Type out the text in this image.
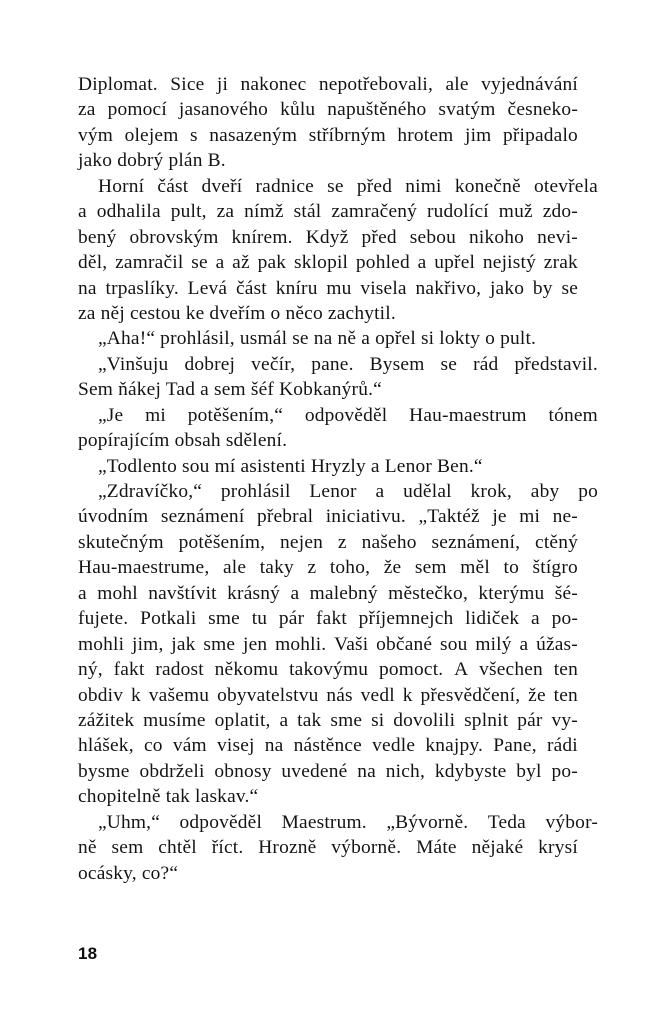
Diplomat. Sice ji nakonec nepotřebovali, ale vyjednávání
za pomocí jasanového kůlu napuštěného svatým česneko-
vým olejem s nasazeným stříbrným hrotem jim připadalo
jako dobrý plán B.
Horní část dveří radnice se před nimi konečně otevřela
a odhalila pult, za nímž stál zamračený rudolící muž zdo-
bený obrovským knírem. Když před sebou nikoho nevi-
děl, zamračil se a až pak sklopil pohled a upřel nejistý zrak
na trpaslíky. Levá část kníru mu visela nakřivo, jako by se
za něj cestou ke dveřím o něco zachytil.
„Aha!“ prohlásil, usmál se na ně a opřel si lokty o pult.
„Vinšuju dobrej večír, pane. Bysem se rád představil.
Sem ňákej Tad a sem šéf Kobkanýrů.“
„Je mi potěšením,“ odpověděl Hau-maestrum tónem
popírajícím obsah sdělení.
„Todlento sou mí asistenti Hryzly a Lenor Ben.“
„Zdravíčko,“ prohlásil Lenor a udělal krok, aby po
úvodním seznámení přebral iniciativu. „Taktéž je mi ne-
skutečným potěšením, nejen z našeho seznámení, ctěný
Hau-maestrume, ale taky z toho, že sem měl to štígro
a mohl navštívit krásný a malebný městečko, kterýmu šé-
fujete. Potkali sme tu pár fakt příjemnejch lidiček a po-
mohli jim, jak sme jen mohli. Vaši občané sou milý a úžas-
ný, fakt radost někomu takovýmu pomoct. A všechen ten
obdiv k vašemu obyvatelstvu nás vedl k přesvědčení, že ten
zážitek musíme oplatit, a tak sme si dovolili splnit pár vy-
hlášek, co vám visej na nástěnce vedle knajpy. Pane, rádi
bysme obdrželi obnosy uvedené na nich, kdybyste byl po-
chopitelně tak laskav.“
„Uhm,“ odpověděl Maestrum. „Bývorně. Teda výbor-
ně sem chtěl říct. Hrozně výborně. Máte nějaké krysí
ocásky, co?“
18
